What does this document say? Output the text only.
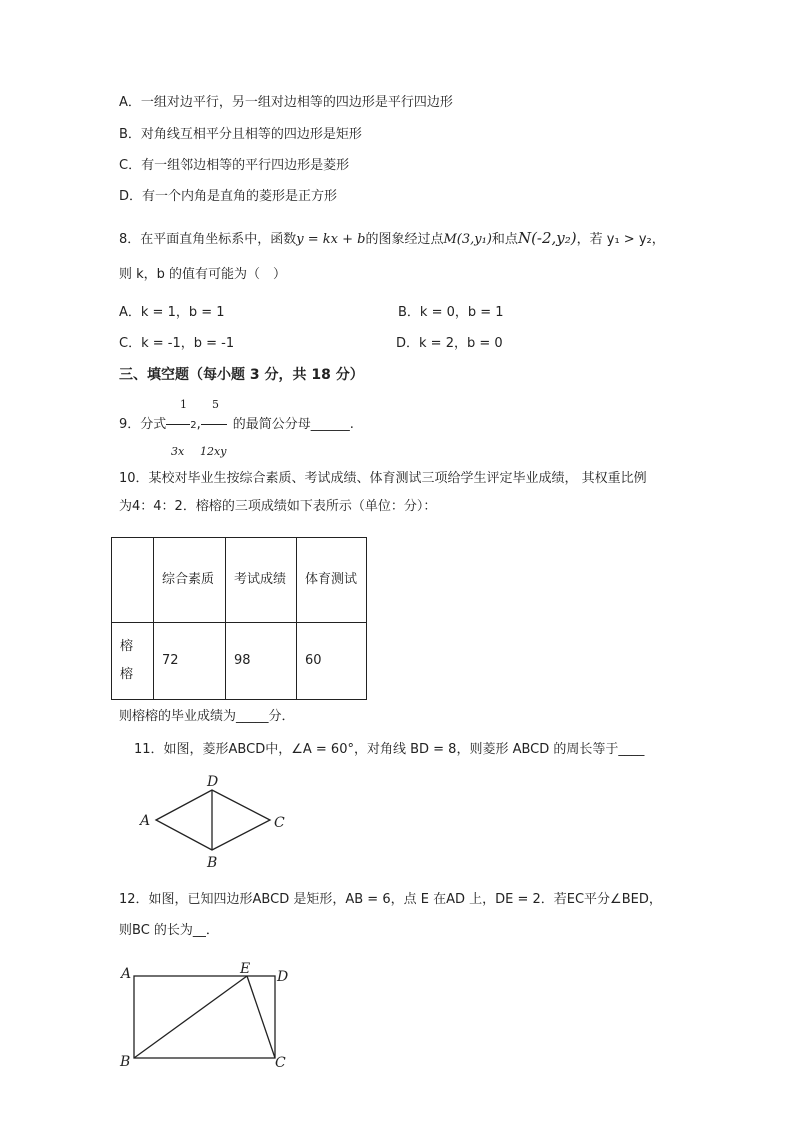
A．一组对边平行，另一组对边相等的四边形是平行四边形
B．对角线互相平分且相等的四边形是矩形
C．有一组邻边相等的平行四边形是菱形
D．有一个内角是直角的菱形是正方形
8．在平面直角坐标系中，函数y = kx + b的图象经过点M(3,y₁)和点N(-2,y₂)，若 y₁ > y₂，
则 k，b 的值有可能为（　）
A．k = 1，b = 1	B．k = 0，b = 1
C．k = -1，b = -1	D．k = 2，b = 0
三、填空题（每小题 3 分，共 18 分）
1 5
9．分式 2, 的最简公分母______.
3x 12xy
10．某校对毕业生按综合素质、考试成绩、体育测试三项给学生评定毕业成绩， 其权重比例
为4：4：2．榕榕的三项成绩如下表所示（单位：分）：
	综合素质	考试成绩	体育测试
榕榕	72	98	60
则榕榕的毕业成绩为_____分．
11．如图，菱形ABCD中，∠A = 60°，对角线 BD = 8，则菱形 ABCD 的周长等于____
A
D
C
B
12．如图，已知四边形ABCD 是矩形，AB = 6，点 E 在AD 上，DE = 2．若EC平分∠BED，
则BC 的长为__．
A	E D
B	C
